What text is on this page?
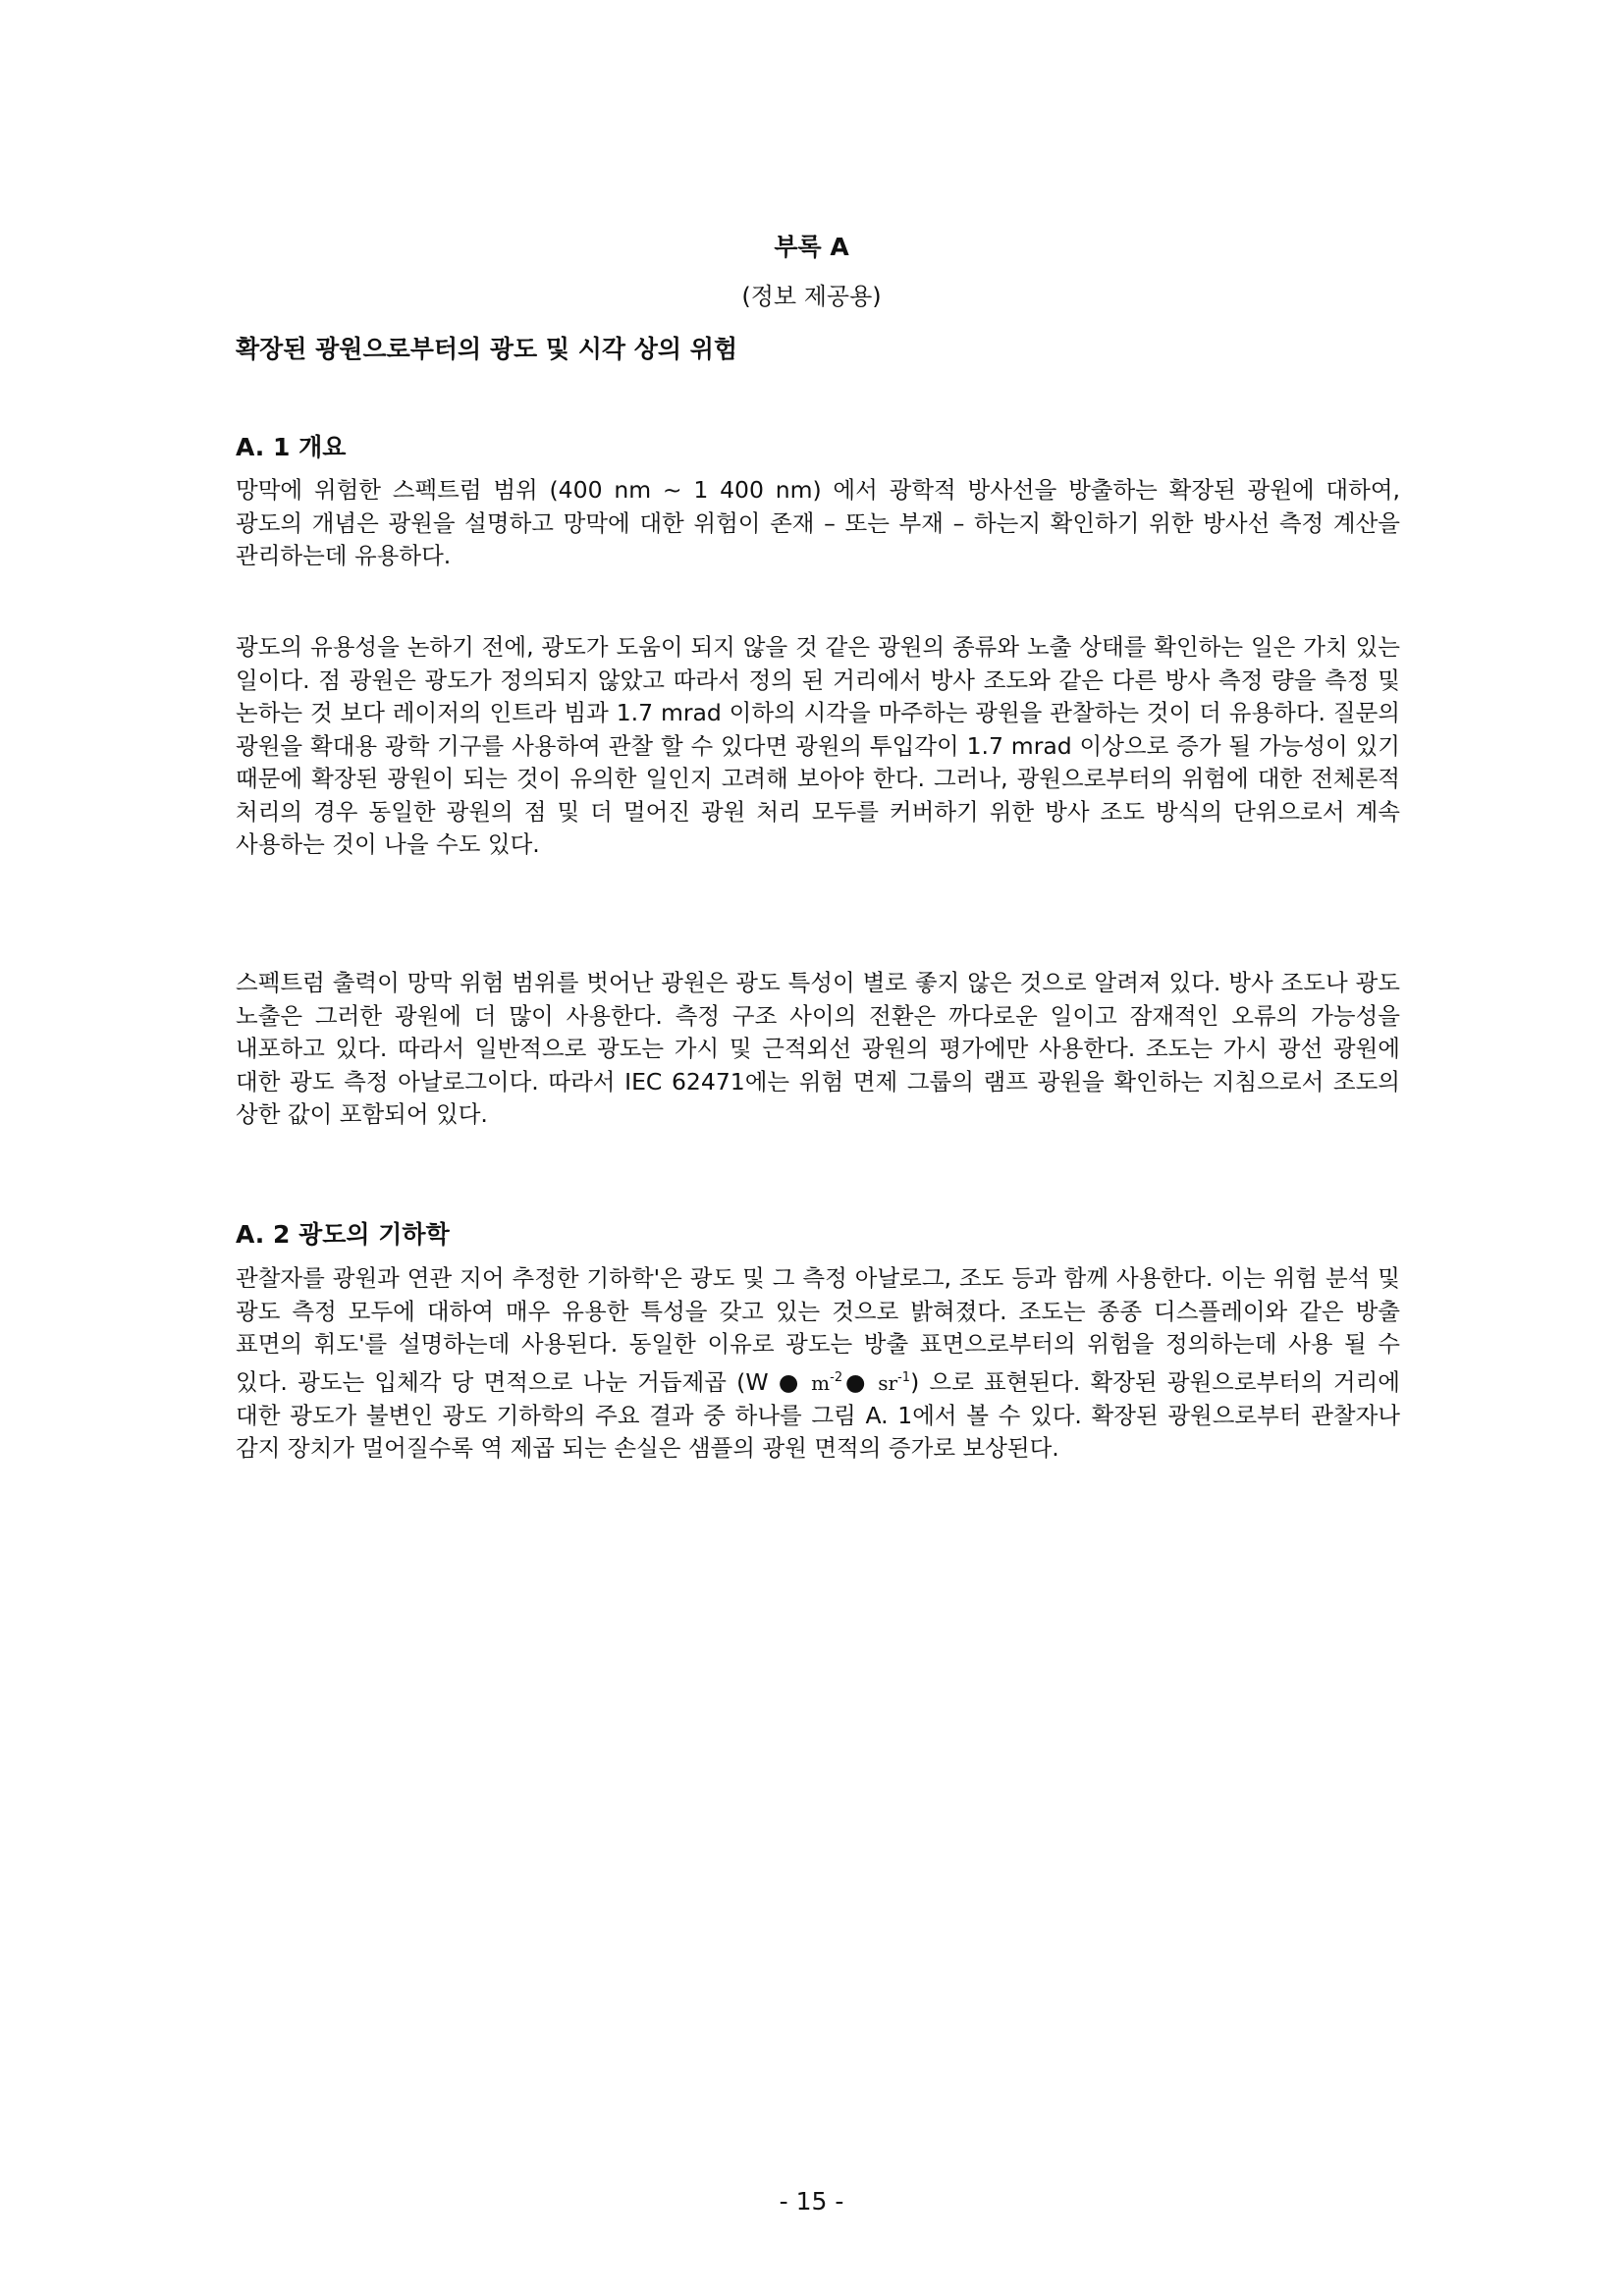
부록 A
(정보 제공용)
확장된 광원으로부터의 광도 및 시각 상의 위험
A. 1 개요

망막에 위험한 스펙트럼 범위 (400 nm ~ 1 400 nm) 에서 광학적 방사선을 방출하는 확장된 광원에 대하여, 광도의 개념은 광원을 설명하고 망막에 대한 위험이 존재 – 또는 부재 – 하는지 확인하기 위한 방사선 측정 계산을 관리하는데 유용하다.

광도의 유용성을 논하기 전에, 광도가 도움이 되지 않을 것 같은 광원의 종류와 노출 상태를 확인하는 일은 가치 있는 일이다. 점 광원은 광도가 정의되지 않았고 따라서 정의 된 거리에서 방사 조도와 같은 다른 방사 측정 량을 측정 및 논하는 것 보다 레이저의 인트라 빔과 1.7 mrad 이하의 시각을 마주하는 광원을 관찰하는 것이 더 유용하다. 질문의 광원을 확대용 광학 기구를 사용하여 관찰 할 수 있다면 광원의 투입각이 1.7 mrad 이상으로 증가 될 가능성이 있기 때문에 확장된 광원이 되는 것이 유의한 일인지 고려해 보아야 한다. 그러나, 광원으로부터의 위험에 대한 전체론적 처리의 경우 동일한 광원의 점 및 더 멀어진 광원 처리 모두를 커버하기 위한 방사 조도 방식의 단위으로서 계속 사용하는 것이 나을 수도 있다.

스펙트럼 출력이 망막 위험 범위를 벗어난 광원은 광도 특성이 별로 좋지 않은 것으로 알려져 있다. 방사 조도나 광도 노출은 그러한 광원에 더 많이 사용한다. 측정 구조 사이의 전환은 까다로운 일이고 잠재적인 오류의 가능성을 내포하고 있다. 따라서 일반적으로 광도는 가시 및 근적외선 광원의 평가에만 사용한다. 조도는 가시 광선 광원에 대한 광도 측정 아날로그이다. 따라서 IEC 62471에는 위험 면제 그룹의 램프 광원을 확인하는 지침으로서 조도의 상한 값이 포함되어 있다.

A. 2 광도의 기하학

관찰자를 광원과 연관 지어 추정한 기하학'은 광도 및 그 측정 아날로그, 조도 등과 함께 사용한다. 이는 위험 분석 및 광도 측정 모두에 대하여 매우 유용한 특성을 갖고 있는 것으로 밝혀졌다. 조도는 종종 디스플레이와 같은 방출 표면의 휘도'를 설명하는데 사용된다. 동일한 이유로 광도는 방출 표면으로부터의 위험을 정의하는데 사용 될 수 있다. 광도는 입체각 당 면적으로 나눈 거듭제곱 (W ● $m^{-2}●$ $sr^{-1}$) 으로 표현된다. 확장된 광원으로부터의 거리에 대한 광도가 불변인 광도 기하학의 주요 결과 중 하나를 그림 A. 1에서 볼 수 있다. 확장된 광원으로부터 관찰자나 감지 장치가 멀어질수록 역 제곱 되는 손실은 샘플의 광원 면적의 증가로 보상된다.

- 15 -
